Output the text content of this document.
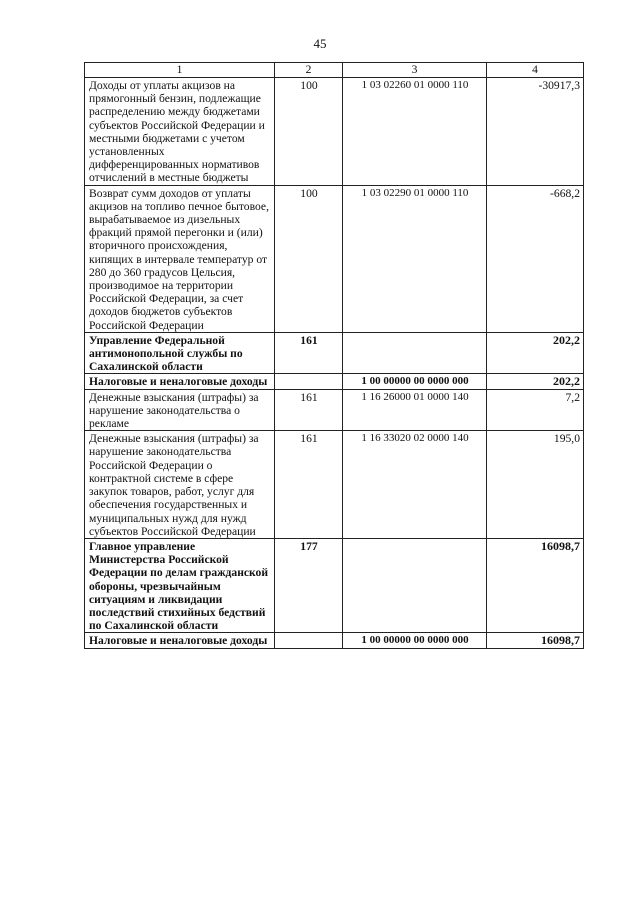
45
1	2	3	4
Доходы от уплаты акцизов на прямогонный бензин, подлежащие распределению между бюджетами субъектов Российской Федерации и местными бюджетами с учетом установленных дифференцированных нормативов отчислений в местные бюджеты	100	1 03 02260 01 0000 110	-30917,3
Возврат сумм доходов от уплаты акцизов на топливо печное бытовое, вырабатываемое из дизельных фракций прямой перегонки и (или) вторичного происхождения, кипящих в интервале температур от 280 до 360 градусов Цельсия, производимое на территории Российской Федерации, за счет доходов бюджетов субъектов Российской Федерации	100	1 03 02290 01 0000 110	-668,2
Управление Федеральной антимонопольной службы по Сахалинской области	161		202,2
Налоговые и неналоговые доходы		1 00 00000 00 0000 000	202,2
Денежные взыскания (штрафы) за нарушение законодательства о рекламе	161	1 16 26000 01 0000 140	7,2
Денежные взыскания (штрафы) за нарушение законодательства Российской Федерации о контрактной системе в сфере закупок товаров, работ, услуг для обеспечения государственных и муниципальных нужд для нужд субъектов Российской Федерации	161	1 16 33020 02 0000 140	195,0
Главное управление Министерства Российской Федерации по делам гражданской обороны, чрезвычайным ситуациям и ликвидации последствий стихийных бедствий по Сахалинской области	177		16098,7
Налоговые и неналоговые доходы		1 00 00000 00 0000 000	16098,7
